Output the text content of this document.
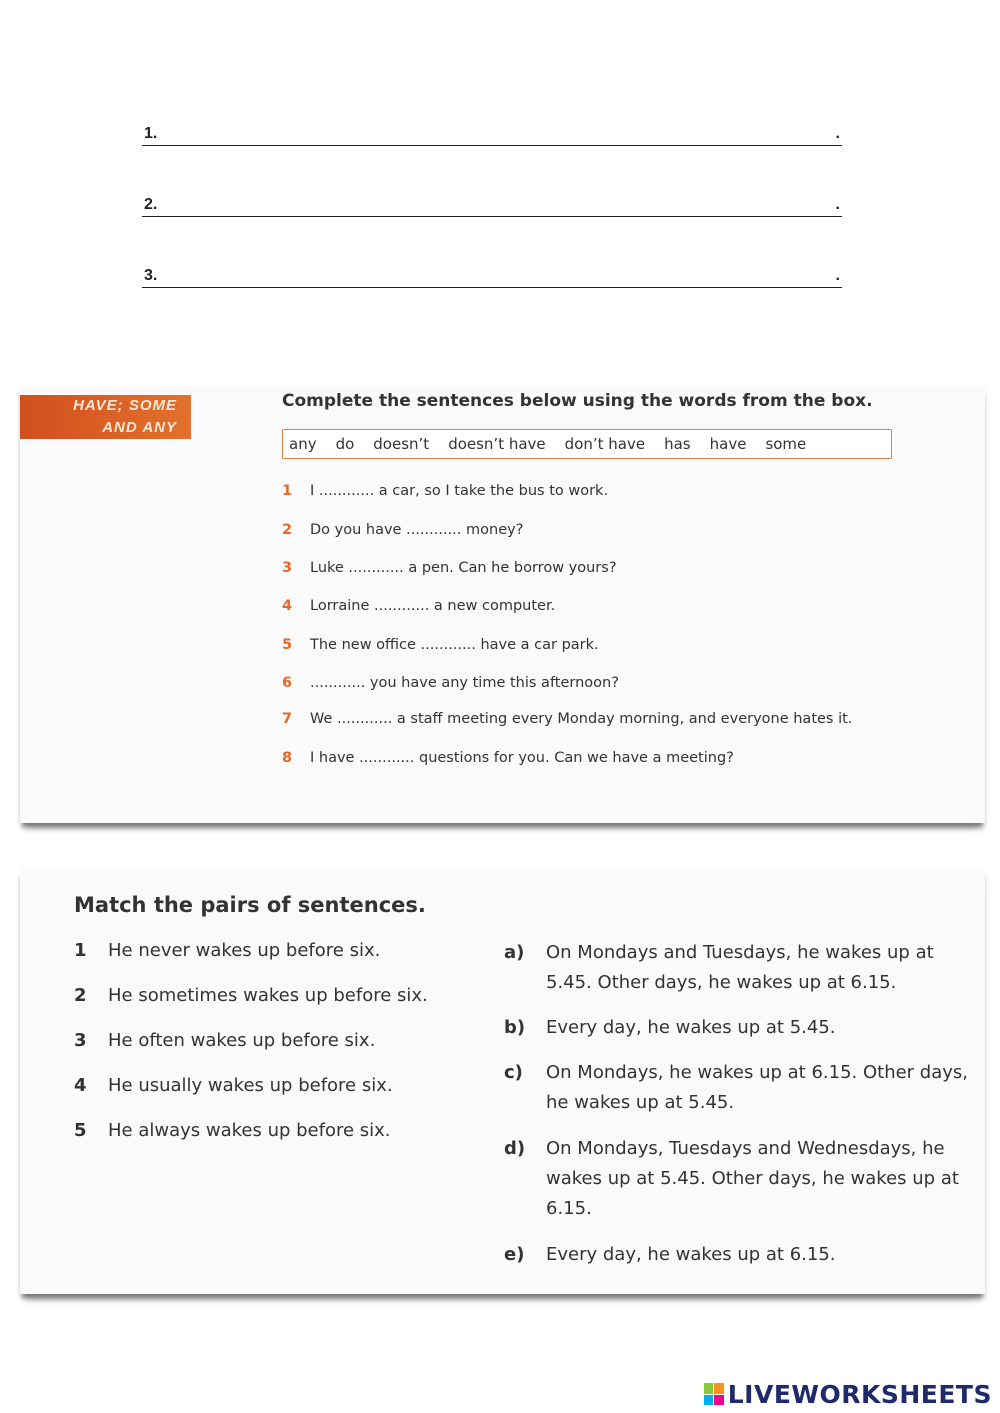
1.	.
2.	.
3.	.
HAVE; SOME
AND ANY
Complete the sentences below using the words from the box.
any do doesn’t doesn’t have don’t have has have some
1 I ............ a car, so I take the bus to work.
2 Do you have ............ money?
3 Luke ............ a pen. Can he borrow yours?
4 Lorraine ............ a new computer.
5 The new office ............ have a car park.
6 ............ you have any time this afternoon?
7 We ............ a staff meeting every Monday morning, and everyone hates it.
8 I have ............ questions for you. Can we have a meeting?
Match the pairs of sentences.
1 He never wakes up before six.
2 He sometimes wakes up before six.
3 He often wakes up before six.
4 He usually wakes up before six.
5 He always wakes up before six.
a)	On Mondays and Tuesdays, he wakes up at 5.45. Other days, he wakes up at 6.15.
b)	Every day, he wakes up at 5.45.
c)	On Mondays, he wakes up at 6.15. Other days, he wakes up at 5.45.
d)	On Mondays, Tuesdays and Wednesdays, he wakes up at 5.45. Other days, he wakes up at 6.15.
e)	Every day, he wakes up at 6.15.
LIVEWORKSHEETS
